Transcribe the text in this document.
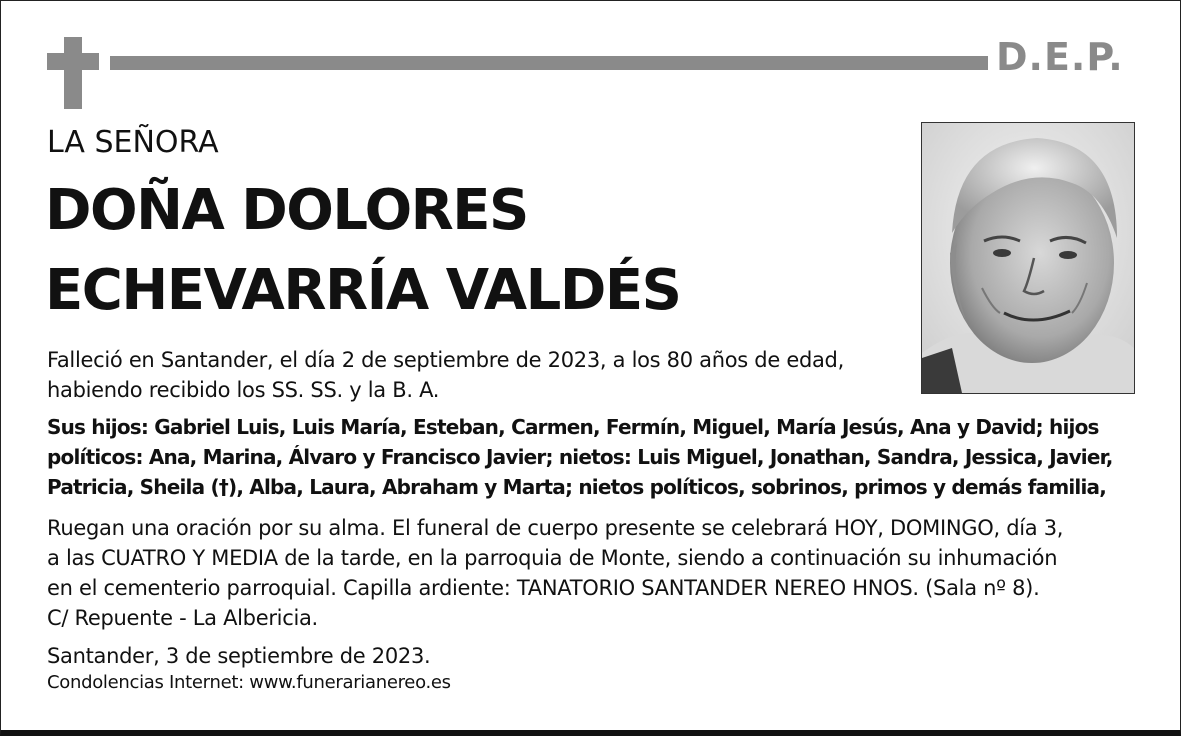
D.E.P.
LA SEÑORA
DOÑA DOLORES
ECHEVARRÍA VALDÉS
Falleció en Santander, el día 2 de septiembre de 2023, a los 80 años de edad,
habiendo recibido los SS. SS. y la B. A.
Sus hijos: Gabriel Luis, Luis María, Esteban, Carmen, Fermín, Miguel, María Jesús, Ana y David; hijos
políticos: Ana, Marina, Álvaro y Francisco Javier; nietos: Luis Miguel, Jonathan, Sandra, Jessica, Javier,
Patricia, Sheila (†), Alba, Laura, Abraham y Marta; nietos políticos, sobrinos, primos y demás familia,
Ruegan una oración por su alma. El funeral de cuerpo presente se celebrará HOY, DOMINGO, día 3,
a las CUATRO Y MEDIA de la tarde, en la parroquia de Monte, siendo a continuación su inhumación
en el cementerio parroquial. Capilla ardiente: TANATORIO SANTANDER NEREO HNOS. (Sala nº 8).
C/ Repuente - La Albericia.
Santander, 3 de septiembre de 2023.
Condolencias Internet: www.funerarianereo.es
